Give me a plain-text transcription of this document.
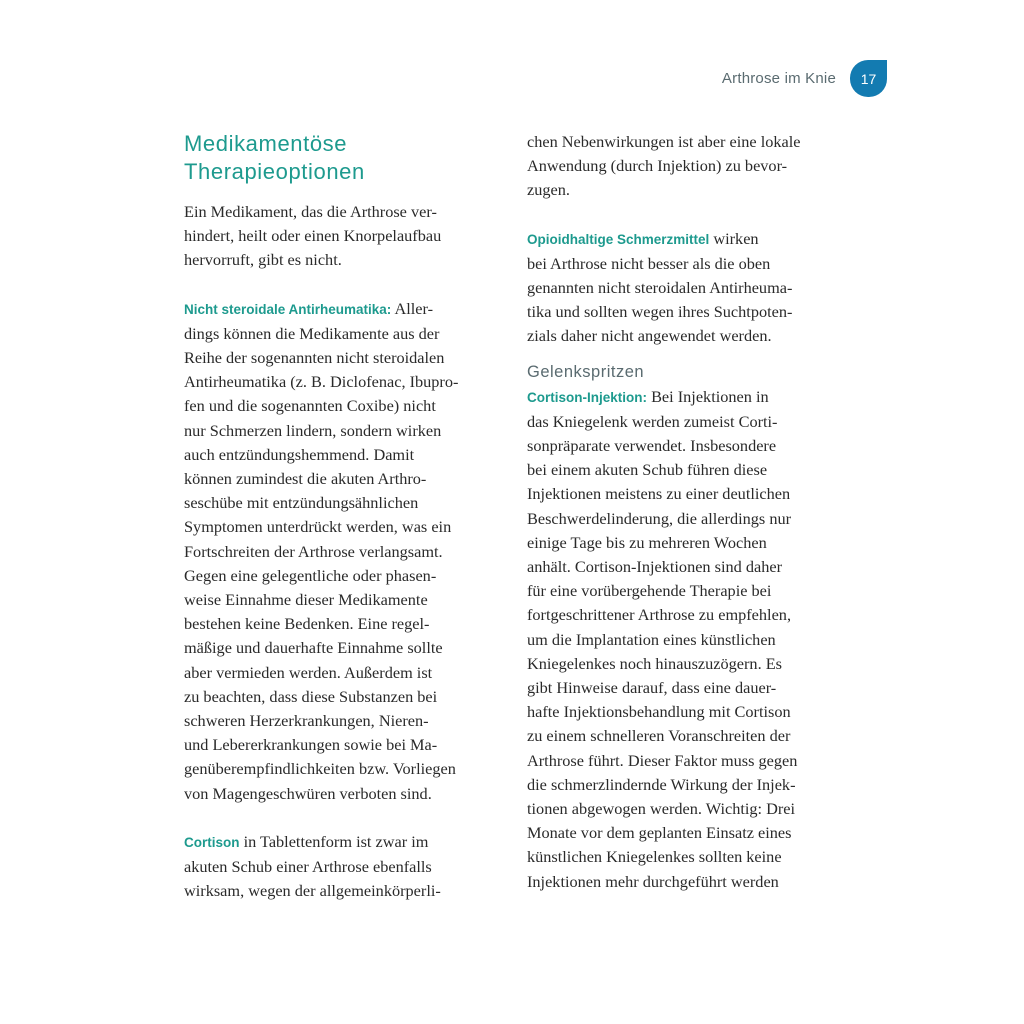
Arthrose im Knie	17
Medikamentöse
Therapieoptionen

Ein Medikament, das die Arthrose ver-
hindert, heilt oder einen Knorpelaufbau
hervorruft, gibt es nicht.

Nicht steroidale Antirheumatika: Aller-
dings können die Medikamente aus der
Reihe der sogenannten nicht steroidalen
Antirheumatika (z. B. Diclofenac, Ibupro-
fen und die sogenannten Coxibe) nicht
nur Schmerzen lindern, sondern wirken
auch entzündungshemmend. Damit
können zumindest die akuten Arthro-
seschübe mit entzündungsähnlichen
Symptomen unterdrückt werden, was ein
Fortschreiten der Arthrose verlangsamt.
Gegen eine gelegentliche oder phasen-
weise Einnahme dieser Medikamente
bestehen keine Bedenken. Eine regel-
mäßige und dauerhafte Einnahme sollte
aber vermieden werden. Außerdem ist
zu beachten, dass diese Substanzen bei
schweren Herzerkrankungen, Nieren-
und Lebererkrankungen sowie bei Ma-
genüberempfindlichkeiten bzw. Vorliegen
von Magengeschwüren verboten sind.

Cortison in Tablettenform ist zwar im
akuten Schub einer Arthrose ebenfalls
wirksam, wegen der allgemeinkörperli-

chen Nebenwirkungen ist aber eine lokale
Anwendung (durch Injektion) zu bevor-
zugen.

Opioidhaltige Schmerzmittel wirken
bei Arthrose nicht besser als die oben
genannten nicht steroidalen Antirheuma-
tika und sollten wegen ihres Suchtpoten-
zials daher nicht angewendet werden.

Gelenkspritzen

Cortison-Injektion: Bei Injektionen in
das Kniegelenk werden zumeist Corti-
sonpräparate verwendet. Insbesondere
bei einem akuten Schub führen diese
Injektionen meistens zu einer deutlichen
Beschwerdelinderung, die allerdings nur
einige Tage bis zu mehreren Wochen
anhält. Cortison-Injektionen sind daher
für eine vorübergehende Therapie bei
fortgeschrittener Arthrose zu empfehlen,
um die Implantation eines künstlichen
Kniegelenkes noch hinauszuzögern. Es
gibt Hinweise darauf, dass eine dauer-
hafte Injektionsbehandlung mit Cortison
zu einem schnelleren Voranschreiten der
Arthrose führt. Dieser Faktor muss gegen
die schmerzlindernde Wirkung der Injek-
tionen abgewogen werden. Wichtig: Drei
Monate vor dem geplanten Einsatz eines
künstlichen Kniegelenkes sollten keine
Injektionen mehr durchgeführt werden
